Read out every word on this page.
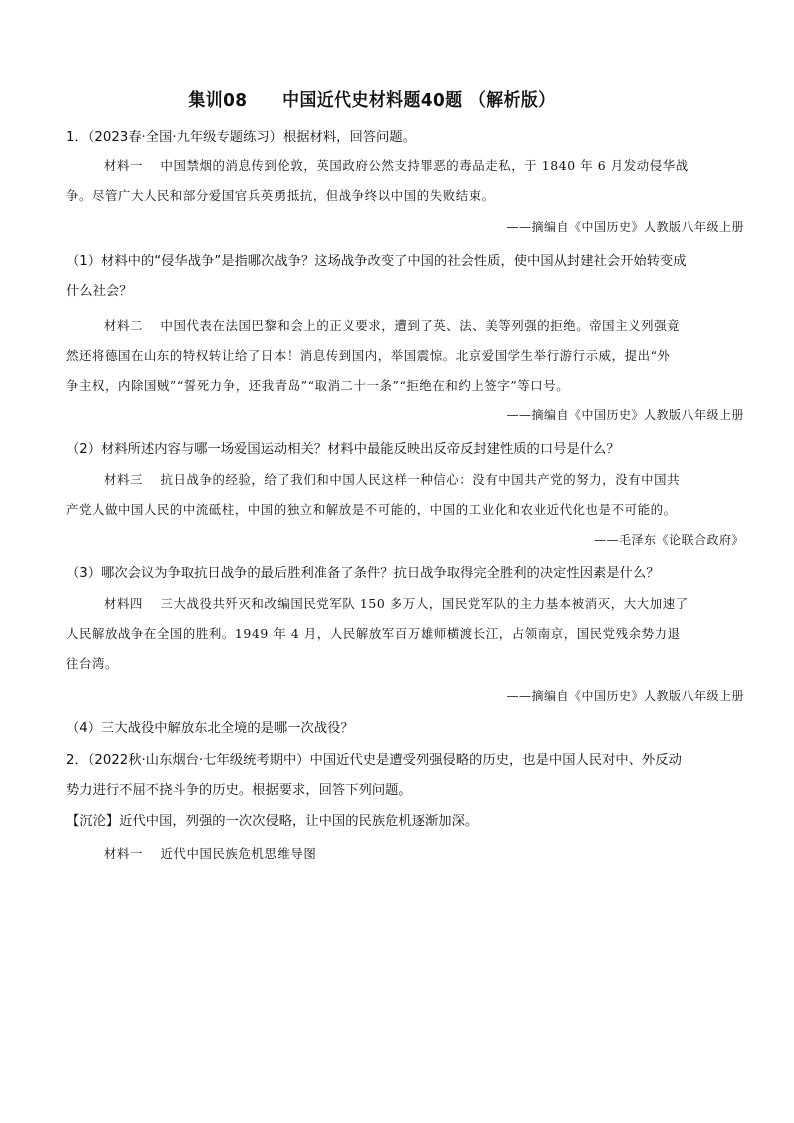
集训08　　中国近代史材料题40题 （解析版）
1．（2023春·全国·九年级专题练习）根据材料，回答问题。
材料一　 中国禁烟的消息传到伦敦，英国政府公然支持罪恶的毒品走私，于 1840 年 6 月发动侵华战
争。尽管广大人民和部分爱国官兵英勇抵抗，但战争终以中国的失败结束。
——摘编自《中国历史》人教版八年级上册
（1）材料中的“侵华战争”是指哪次战争？这场战争改变了中国的社会性质，使中国从封建社会开始转变成
什么社会？
材料二　 中国代表在法国巴黎和会上的正义要求，遭到了英、法、美等列强的拒绝。帝国主义列强竟
然还将德国在山东的特权转让给了日本！消息传到国内，举国震惊。北京爱国学生举行游行示威，提出“外
争主权，内除国贼”“誓死力争，还我青岛”“取消二十一条”“拒绝在和约上签字”等口号。
——摘编自《中国历史》人教版八年级上册
（2）材料所述内容与哪一场爱国运动相关？材料中最能反映出反帝反封建性质的口号是什么？
材料三　 抗日战争的经验，给了我们和中国人民这样一种信心：没有中国共产党的努力，没有中国共
产党人做中国人民的中流砥柱，中国的独立和解放是不可能的，中国的工业化和农业近代化也是不可能的。
——毛泽东《论联合政府》
（3）哪次会议为争取抗日战争的最后胜利准备了条件？抗日战争取得完全胜利的决定性因素是什么？
材料四　 三大战役共歼灭和改编国民党军队 150 多万人，国民党军队的主力基本被消灭，大大加速了
人民解放战争在全国的胜利。1949 年 4 月，人民解放军百万雄师横渡长江，占领南京，国民党残余势力退
往台湾。
——摘编自《中国历史》人教版八年级上册
（4）三大战役中解放东北全境的是哪一次战役？
2．（2022秋·山东烟台·七年级统考期中）中国近代史是遭受列强侵略的历史，也是中国人民对中、外反动
势力进行不屈不挠斗争的历史。根据要求，回答下列问题。
【沉沦】近代中国，列强的一次次侵略，让中国的民族危机逐渐加深。
材料一　 近代中国民族危机思维导图
